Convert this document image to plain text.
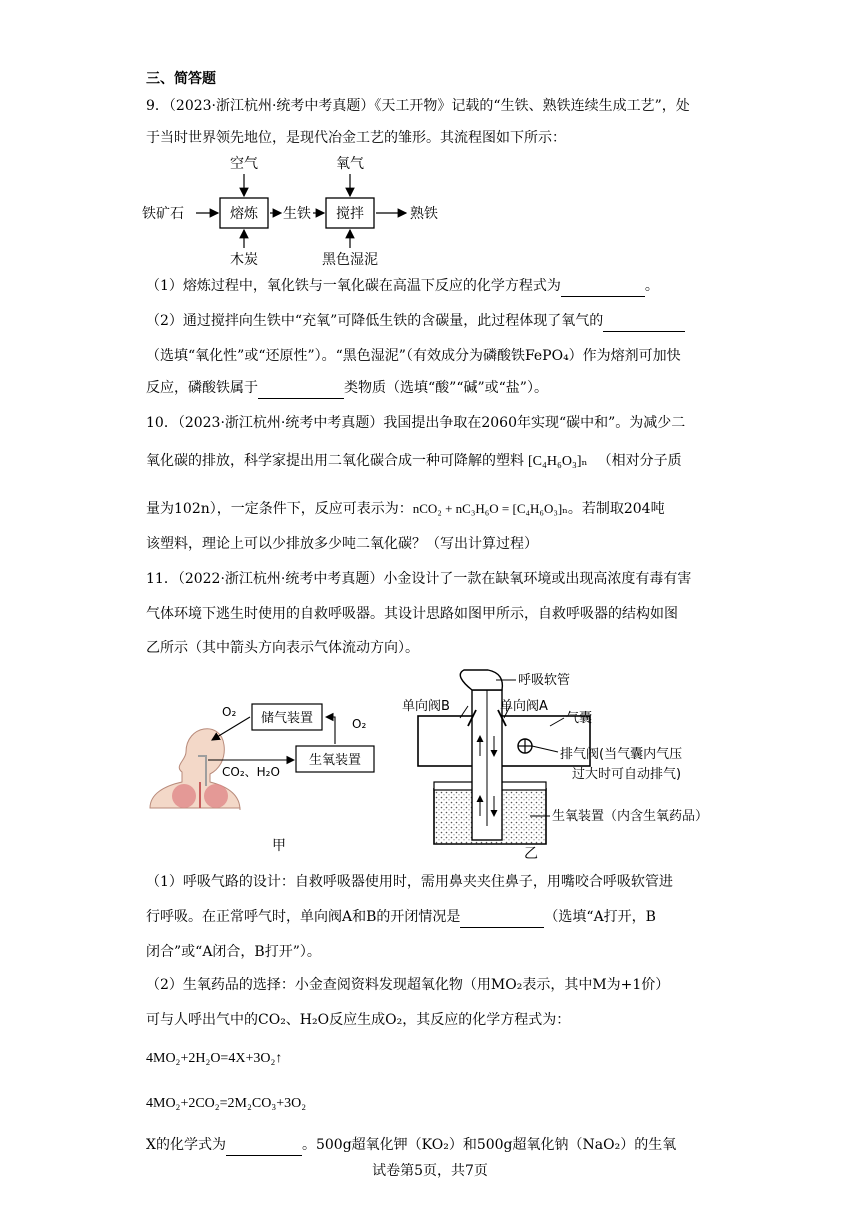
三、简答题
9．（2023·浙江杭州·统考中考真题）《天工开物》记载的“生铁、熟铁连续生成工艺”，处
于当时世界领先地位，是现代冶金工艺的雏形。其流程图如下所示：
熔炼	搅拌
空气	氧气
铁矿石	生铁	熟铁
木炭	黑色湿泥
（1）熔炼过程中，氧化铁与一氧化碳在高温下反应的化学方程式为	。
（2）通过搅拌向生铁中“充氧”可降低生铁的含碳量，此过程体现了氧气的
（选填“氧化性”或“还原性”）。“黑色湿泥”（有效成分为磷酸铁FePO₄）作为熔剂可加快
反应，磷酸铁属于	类物质（选填“酸”“碱”或“盐”）。
10．（2023·浙江杭州·统考中考真题）我国提出争取在2060年实现“碳中和”。为减少二
氧化碳的排放，科学家提出用二氧化碳合成一种可降解的塑料 [C₄H₆O₃]ₙ （相对分子质
量为102n），一定条件下，反应可表示为：nCO₂ + nC₃H₆O = [C₄H₆O₃]ₙ。若制取204吨
该塑料，理论上可以少排放多少吨二氧化碳？（写出计算过程）
11．（2022·浙江杭州·统考中考真题）小金设计了一款在缺氧环境或出现高浓度有毒有害
气体环境下逃生时使用的自救呼吸器。其设计思路如图甲所示，自救呼吸器的结构如图
乙所示（其中箭头方向表示气体流动方向）。
储气装置
生氧装置
O₂
O₂
CO₂、H₂O
甲
呼吸软管
单向阀B	单向阀A
气囊
排气阀(当气囊内气压
过大时可自动排气)
生氧装置（内含生氧药品）
乙
（1）呼吸气路的设计：自救呼吸器使用时，需用鼻夹夹住鼻子，用嘴咬合呼吸软管进
行呼吸。在正常呼气时，单向阀A和B的开闭情况是	（选填“A打开，B
闭合”或“A闭合，B打开”）。
（2）生氧药品的选择：小金查阅资料发现超氧化物（用MO₂表示，其中M为+1价）
可与人呼出气中的CO₂、H₂O反应生成O₂，其反应的化学方程式为：
4MO₂+2H₂O=4X+3O₂↑
4MO₂+2CO₂=2M₂CO₃+3O₂
X的化学式为	。500g超氧化钾（KO₂）和500g超氧化钠（NaO₂）的生氧
试卷第5页，共7页
